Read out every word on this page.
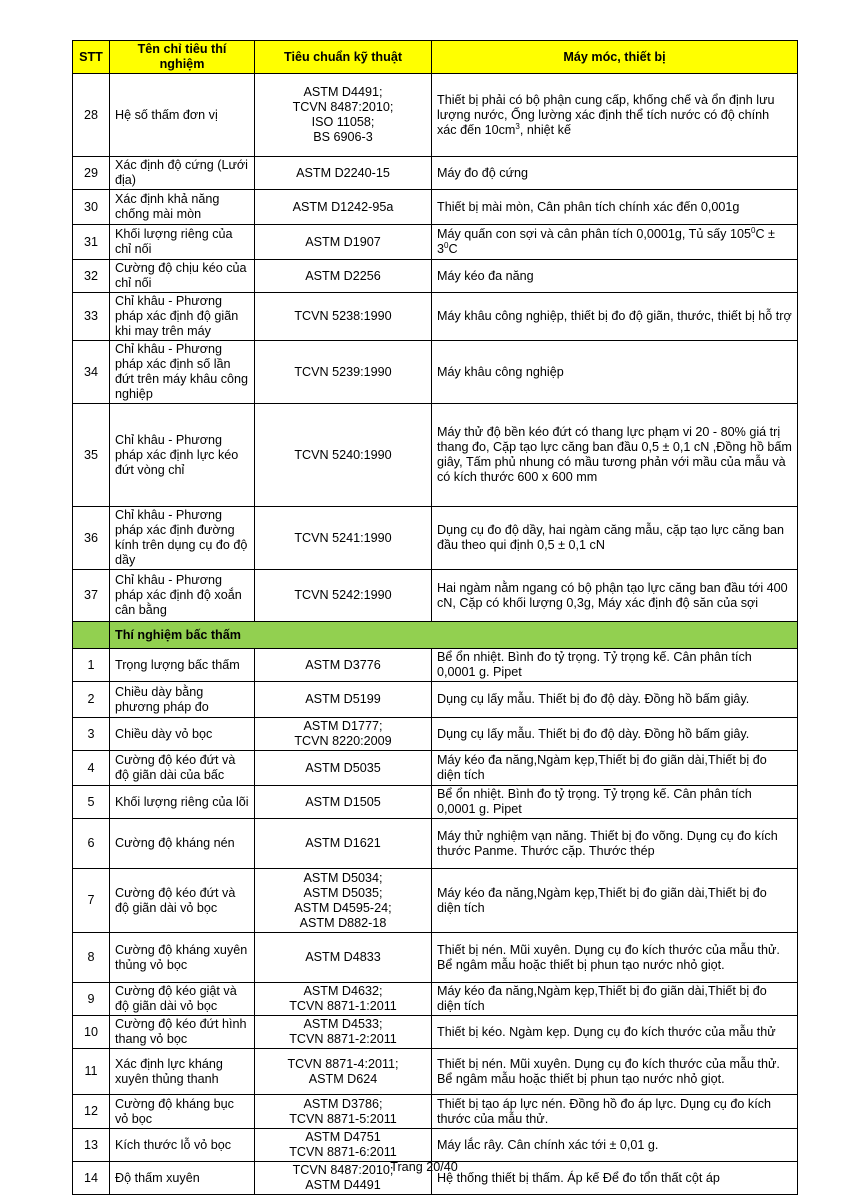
STT	Tên chỉ tiêu thí nghiệm	Tiêu chuẩn kỹ thuật	Máy móc, thiết bị
28	Hệ số thấm đơn vị	ASTM D4491;
TCVN 8487:2010;
ISO 11058;
BS 6906-3	Thiết bị phải có bộ phận cung cấp, khống chế và ổn định lưu lượng nước, Ống lường xác định thể tích nước có độ chính xác đến $10cm^3$, nhiệt kế
29	Xác định độ cứng (Lưới địa)	ASTM D2240-15	Máy đo độ cứng
30	Xác định khả năng chống mài mòn	ASTM D1242-95a	Thiết bị mài mòn, Cân phân tích chính xác đến 0,001g
31	Khối lượng riêng của chỉ nối	ASTM D1907	Máy quấn con sợi và cân phân tích 0,0001g, Tủ sấy $105^0C \pm 3^0C$
32	Cường độ chịu kéo của chỉ nối	ASTM D2256	Máy kéo đa năng
33	Chỉ khâu - Phương pháp xác định độ giãn khi may trên máy	TCVN 5238:1990	Máy khâu công nghiệp, thiết bị đo độ giãn, thước, thiết bị hỗ trợ
34	Chỉ khâu - Phương pháp xác định số lần đứt trên máy khâu công nghiệp	TCVN 5239:1990	Máy khâu công nghiệp
35	Chỉ khâu - Phương pháp xác định lực kéo đứt vòng chỉ	TCVN 5240:1990	Máy thử độ bền kéo đứt có thang lực phạm vi 20 - 80% giá trị thang đo, Cặp tạo lực căng ban đầu 0,5 ± 0,1 cN ,Đồng hồ bấm giây, Tấm phủ nhung có mầu tương phản với mầu của mẫu và có kích thước 600 x 600 mm
36	Chỉ khâu - Phương pháp xác định đường kính trên dụng cụ đo độ dầy	TCVN 5241:1990	Dụng cụ đo độ dầy, hai ngàm căng mẫu, cặp tạo lực căng ban đầu theo qui định 0,5 ± 0,1 cN
37	Chỉ khâu - Phương pháp xác định độ xoắn cân bằng	TCVN 5242:1990	Hai ngàm nằm ngang có bộ phận tạo lực căng ban đầu tới 400 cN, Cặp có khối lượng 0,3g, Máy xác định độ săn của sợi
	Thí nghiệm bấc thấm		
1	Trọng lượng bấc thấm	ASTM D3776	Bể ổn nhiệt. Bình đo tỷ trọng. Tỷ trọng kế. Cân phân tích 0,0001 g. Pipet
2	Chiều dày bằng phương pháp đo	ASTM D5199	Dụng cụ lấy mẫu. Thiết bị đo độ dày. Đồng hồ bấm giây.
3	Chiều dày vỏ bọc	ASTM D1777;
TCVN 8220:2009	Dụng cụ lấy mẫu. Thiết bị đo độ dày. Đồng hồ bấm giây.
4	Cường độ kéo đứt và độ giãn dài của bấc	ASTM D5035	Máy kéo đa năng,Ngàm kẹp,Thiết bị đo giãn dài,Thiết bị đo diện tích
5	Khối lượng riêng của lõi	ASTM D1505	Bể ổn nhiệt. Bình đo tỷ trọng. Tỷ trọng kế. Cân phân tích 0,0001 g. Pipet
6	Cường độ kháng nén	ASTM D1621	Máy thử nghiệm vạn năng. Thiết bị đo võng. Dụng cụ đo kích thước Panme. Thước cặp. Thước thép
7	Cường độ kéo đứt và độ giãn dài vỏ bọc	ASTM D5034;
ASTM D5035;
ASTM D4595-24;
ASTM D882-18	Máy kéo đa năng,Ngàm kẹp,Thiết bị đo giãn dài,Thiết bị đo diện tích
8	Cường độ kháng xuyên thủng vỏ bọc	ASTM D4833	Thiết bị nén. Mũi xuyên. Dụng cụ đo kích thước của mẫu thử. Bể ngâm mẫu hoặc thiết bị phun tạo nước nhỏ giọt.
9	Cường độ kéo giật và độ giãn dài vỏ bọc	ASTM D4632;
TCVN 8871-1:2011	Máy kéo đa năng,Ngàm kẹp,Thiết bị đo giãn dài,Thiết bị đo diện tích
10	Cường độ kéo đứt hình thang vỏ bọc	ASTM D4533;
TCVN 8871-2:2011	Thiết bị kéo. Ngàm kẹp. Dụng cụ đo kích thước của mẫu thử
11	Xác định lực kháng xuyên thủng thanh	TCVN 8871-4:2011;
ASTM D624	Thiết bị nén. Mũi xuyên. Dụng cụ đo kích thước của mẫu thử. Bể ngâm mẫu hoặc thiết bị phun tạo nước nhỏ giọt.
12	Cường độ kháng bục vỏ bọc	ASTM D3786;
TCVN 8871-5:2011	Thiết bị tạo áp lực nén. Đồng hồ đo áp lực. Dụng cụ đo kích thước của mẫu thử.
13	Kích thước lỗ vỏ bọc	ASTM D4751
TCVN 8871-6:2011	Máy lắc rây. Cân chính xác tới ± 0,01 g.
14	Độ thấm xuyên	TCVN 8487:2010;
ASTM D4491	Hệ thống thiết bị thấm. Áp kế Để đo tổn thất cột áp
Trang 20/40
